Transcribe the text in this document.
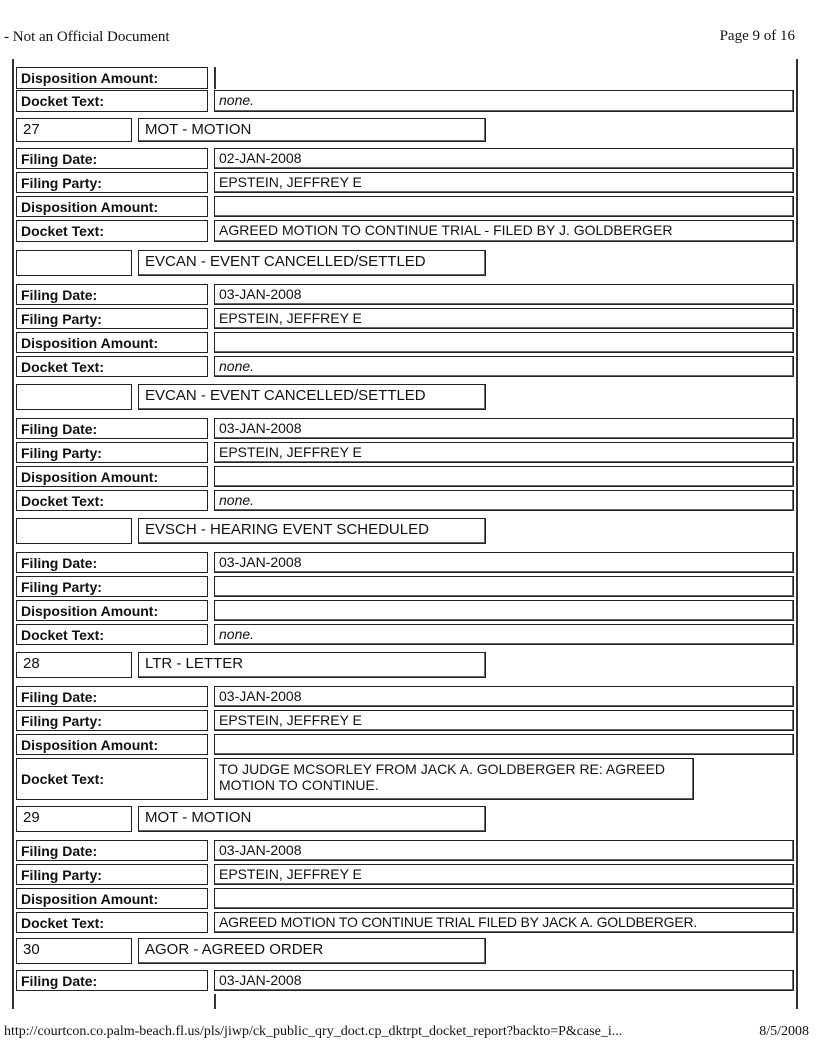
- Not an Official Document	Page 9 of 16
Disposition Amount:
Docket Text:	none.
27	MOT - MOTION
Filing Date:	02-JAN-2008
Filing Party:	EPSTEIN, JEFFREY E
Disposition Amount:
Docket Text:	AGREED MOTION TO CONTINUE TRIAL - FILED BY J. GOLDBERGER
EVCAN - EVENT CANCELLED/SETTLED
Filing Date:	03-JAN-2008
Filing Party:	EPSTEIN, JEFFREY E
Disposition Amount:
Docket Text:	none.
EVCAN - EVENT CANCELLED/SETTLED
Filing Date:	03-JAN-2008
Filing Party:	EPSTEIN, JEFFREY E
Disposition Amount:
Docket Text:	none.
EVSCH - HEARING EVENT SCHEDULED
Filing Date:	03-JAN-2008
Filing Party:
Disposition Amount:
Docket Text:	none.
28	LTR - LETTER
Filing Date:	03-JAN-2008
Filing Party:	EPSTEIN, JEFFREY E
Disposition Amount:
Docket Text:
TO JUDGE MCSORLEY FROM JACK A. GOLDBERGER RE: AGREED MOTION TO CONTINUE.
29	MOT - MOTION
Filing Date:	03-JAN-2008
Filing Party:	EPSTEIN, JEFFREY E
Disposition Amount:
Docket Text:	AGREED MOTION TO CONTINUE TRIAL FILED BY JACK A. GOLDBERGER.
30	AGOR - AGREED ORDER
Filing Date:	03-JAN-2008
http://courtcon.co.palm-beach.fl.us/pls/jiwp/ck_public_qry_doct.cp_dktrpt_docket_report?backto=P&case_i...	8/5/2008
